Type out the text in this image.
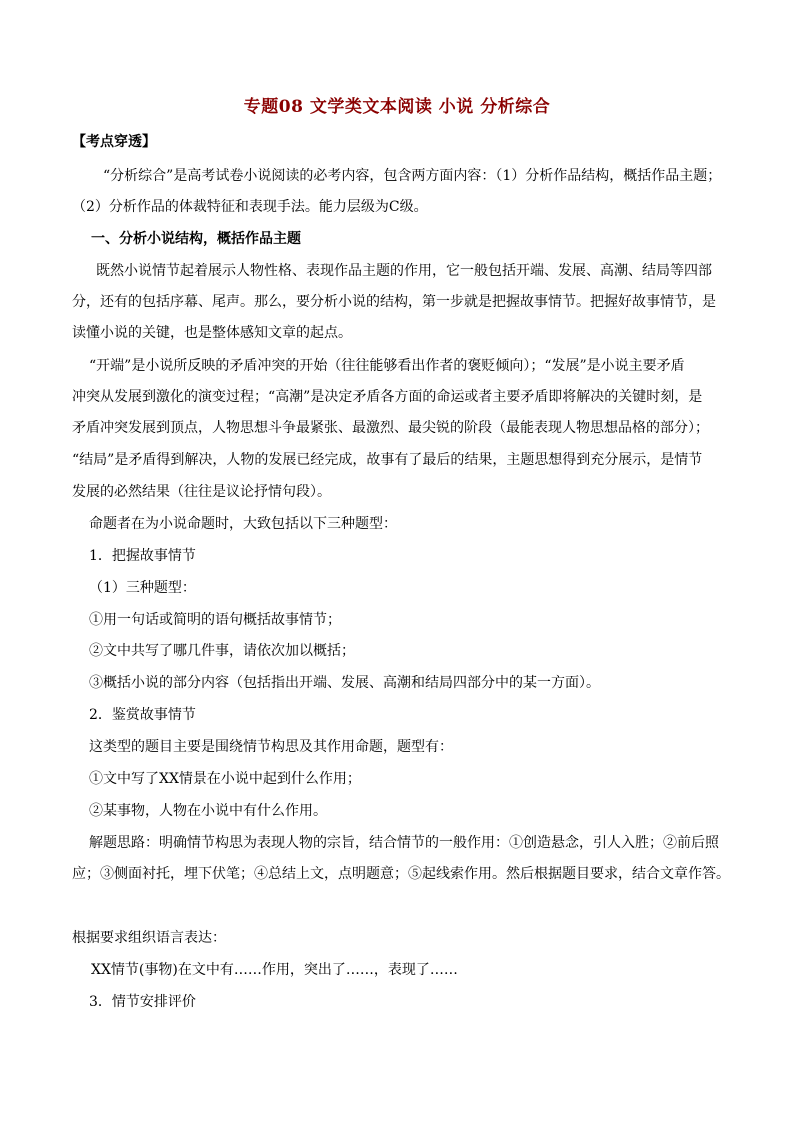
专题08 文学类文本阅读 小说 分析综合
【考点穿透】
“分析综合”是高考试卷小说阅读的必考内容，包含两方面内容：（1）分析作品结构，概括作品主题；
（2）分析作品的体裁特征和表现手法。能力层级为C级。
一、分析小说结构，概括作品主题
既然小说情节起着展示人物性格、表现作品主题的作用，它一般包括开端、发展、高潮、结局等四部
分，还有的包括序幕、尾声。那么，要分析小说的结构，第一步就是把握故事情节。把握好故事情节，是
读懂小说的关键，也是整体感知文章的起点。
“开端”是小说所反映的矛盾冲突的开始（往往能够看出作者的褒贬倾向）；“发展”是小说主要矛盾
冲突从发展到激化的演变过程；“高潮”是决定矛盾各方面的命运或者主要矛盾即将解决的关键时刻，是
矛盾冲突发展到顶点，人物思想斗争最紧张、最激烈、最尖锐的阶段（最能表现人物思想品格的部分）；
“结局”是矛盾得到解决，人物的发展已经完成，故事有了最后的结果，主题思想得到充分展示，是情节
发展的必然结果（往往是议论抒情句段）。
命题者在为小说命题时，大致包括以下三种题型：
1．把握故事情节
（1）三种题型：
①用一句话或简明的语句概括故事情节；
②文中共写了哪几件事，请依次加以概括；
③概括小说的部分内容（包括指出开端、发展、高潮和结局四部分中的某一方面）。
2．鉴赏故事情节
这类型的题目主要是围绕情节构思及其作用命题，题型有：
①文中写了XX情景在小说中起到什么作用；
②某事物，人物在小说中有什么作用。
解题思路：明确情节构思为表现人物的宗旨，结合情节的一般作用：①创造悬念，引人入胜；②前后照
应；③侧面衬托，埋下伏笔；④总结上文，点明题意；⑤起线索作用。然后根据题目要求，结合文章作答。
根据要求组织语言表达：
XX情节(事物)在文中有……作用，突出了……，表现了……
3．情节安排评价
